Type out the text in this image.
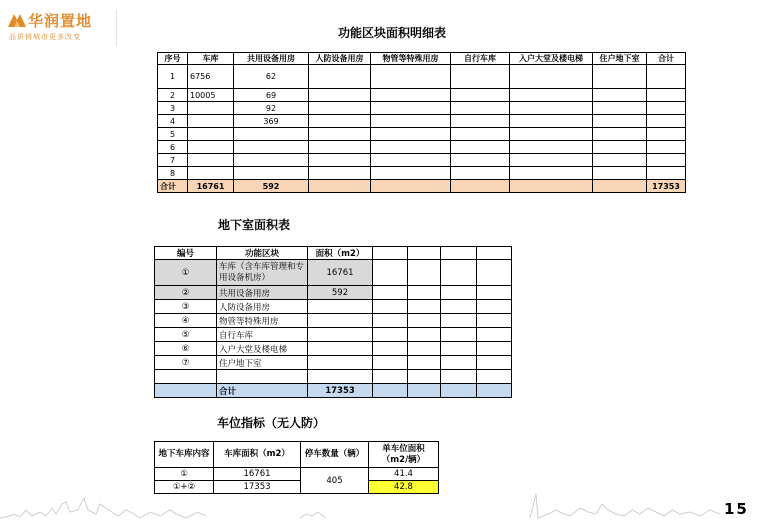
华润置地
品质铸城市更多改变	功能区块面积明细表
序号	车库	共用设备用房	人防设备用房	物管等特殊用房	自行车库	入户大堂及楼电梯	住户地下室	合计
1	6756	62						
2	10005	69						
3		92						
4		369						
5								
6								
7								
8								
合计	16761	592						17353
地下室面积表
编号	功能区块	面积（m2）				
①	车库（含车库管理和专用设备机房）	16761				
②	共用设备用房	592				
③	人防设备用房					
④	物管等特殊用房					
⑤	自行车库					
⑥	入户大堂及楼电梯					
⑦	住户地下室					

	合计	17353				
车位指标（无人防）
地下车库内容	车库面积（m2）	停车数量（辆）	单车位面积（m2/辆）
①	16761	405	41.4
①+②	17353		42.8
15
